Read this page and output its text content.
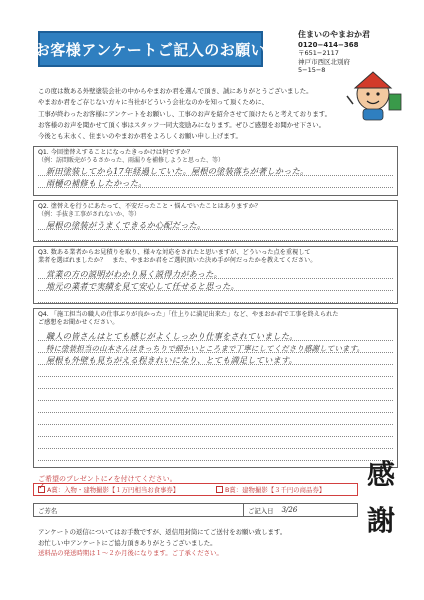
お客様アンケートご記入のお願い
住まいのやまおか君
0120−414−368
〒651−2117
神戸市西区北別府
5−15−8
この度は数ある外壁塗装会社の中からやまおか君を選んで頂き、誠にありがとうございました。
やまおか君をご存じない方々に当社がどういう会社なのかを知って頂くために、
工事が終わったお客様にアンケートをお願いし、工事のお声を紹介させて頂けたらと考えております。
お客様のお声を聞かせて頂く事はスタッフ一同大変励みになります。ぜひご感想をお聞かせ下さい。
今後とも末永く、住まいのやまおか君をよろしくお願い申し上げます。
Q1. 今回塗替えすることになったきっかけは何ですか？
（例：訪問販売がうるさかった、雨漏りを補修しようと思った、等）
新田塗装してから17年経過していた。屋根の塗装落ちが著しかった。
雨樋の補修もしたかった。
Q2. 塗替えを行うにあたって、不安だったこと・悩んでいたことはありますか？
（例：手抜き工事がされないか、等）
屋根の塗装がうまくできるか心配だった。
Q3. 数ある業者からお見積りを取り、様々な対応をされたと思いますが、どういった点を重視して
業者を選ばれましたか？　また、やまおか君をご選択頂いた決め手が何だったかを教えてください。
営業の方の説明がわかり易く説得力があった。
地元の業者で実績を見て安心して任せると思った。
Q4. 「施工担当の職人の仕事ぶりが良かった」「仕上りに満足出来た」など、やまおか君で工事を終えられた
ご感想をお聞かせください。
職人の皆さんはとても感じがよくしっかり仕事をされていました。
特に塗装担当の山本さんはきっちりで細かいところまで丁寧にしてくださり感謝しています。
屋根も外壁も見ちがえる程きれいになり、とても満足しています。
ご希望のプレゼントに✓を付けてください。
✓A賞：入物・建物撮影【１万円相当お食事券】	B賞：建物撮影【３千円の商品券】
ご芳名	ご記入日 3/26
アンケートの返信についてはお手数ですが、返信用封筒にてご送付をお願い致します。
お忙しい中アンケートにご協力頂きありがとうございました。
送料品の発送時期は１〜２か月後になります。ご了承ください。
感謝
